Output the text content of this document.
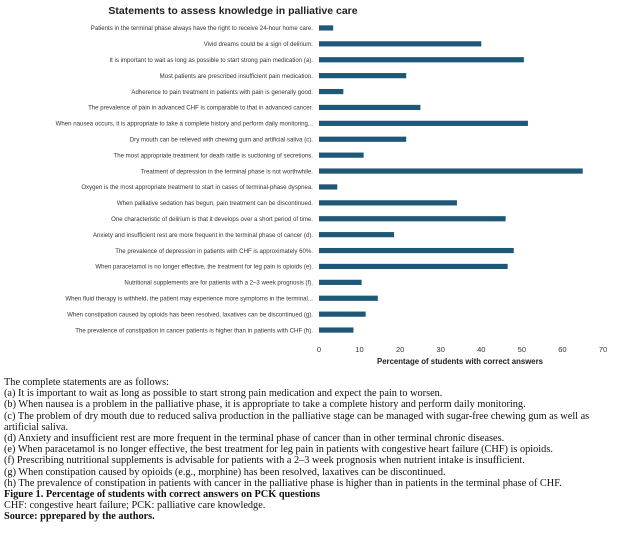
Statements to assess knowledge in palliative care
Patients in the terminal phase always have the right to receive 24-hour home care.
Vivid dreams could be a sign of delirium.
It is important to wait as long as possible to start strong pain medication (a).
Most patients are prescribed insufficient pain medication.
Adherence to pain treatment in patients with pain is generally good.
The prevalence of pain in advanced CHF is comparable to that in advanced cancer.
When nausea occurs, it is appropriate to take a complete history and perform daily monitoring...
Dry mouth can be relieved with chewing gum and artificial saliva (c).
The most appropriate treatment for death rattle is suctioning of secretions.
Treatment of depression in the terminal phase is not worthwhile.
Oxygen is the most appropriate treatment to start in cases of terminal-phase dyspnea.
When palliative sedation has begun, pain treatment can be discontinued.
One characteristic of delirium is that it develops over a short period of time.
Anxiety and insufficient rest are more frequent in the terminal phase of cancer (d).
The prevalence of depression in patients with CHF is approximately 60%.
When paracetamol is no longer effective, the treatment for leg pain is opioids (e).
Nutritional supplements are for patients with a 2–3 week prognosis (f).
When fluid therapy is withheld, the patient may experience more symptoms in the terminal...
When constipation caused by opioids has been resolved, laxatives can be discontinued (g).
The prevalence of constipation in cancer patients is higher than in patients with CHF (h).
0	10	20	30	40	50	60	70
Percentage of students with correct answers

The complete statements are as follows:

(a) It is important to wait as long as possible to start strong pain medication and expect the pain to worsen.

(b) When nausea is a problem in the palliative phase, it is appropriate to take a complete history and perform daily monitoring.

(c) The problem of dry mouth due to reduced saliva production in the palliative stage can be managed with sugar-free chewing gum as well as artificial saliva.

(d) Anxiety and insufficient rest are more frequent in the terminal phase of cancer than in other terminal chronic diseases.

(e) When paracetamol is no longer effective, the best treatment for leg pain in patients with congestive heart failure (CHF) is opioids.

(f) Prescribing nutritional supplements is advisable for patients with a 2–3 week prognosis when nutrient intake is insufficient.

(g) When constipation caused by opioids (e.g., morphine) has been resolved, laxatives can be discontinued.

(h) The prevalence of constipation in patients with cancer in the palliative phase is higher than in patients in the terminal phase of CHF.

Figure 1. Percentage of students with correct answers on PCK questions

CHF: congestive heart failure; PCK: palliative care knowledge.

Source: pprepared by the authors.
